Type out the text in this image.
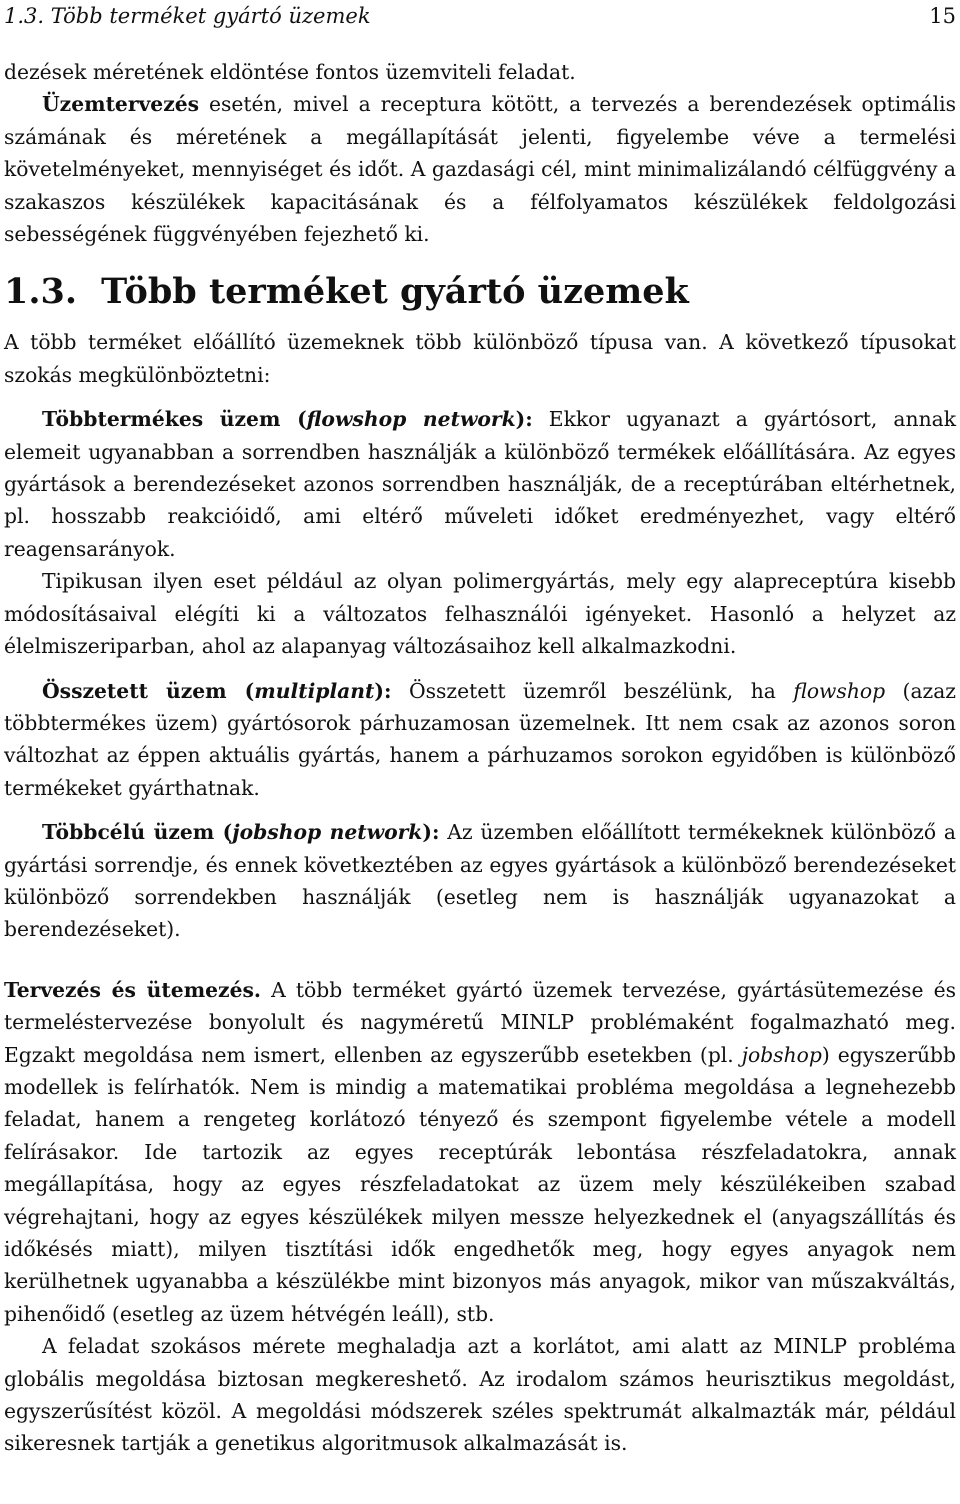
1.3. Több terméket gyártó üzemek	15

dezések méretének eldöntése fontos üzemviteli feladat.

Üzemtervezés esetén, mivel a receptura kötött, a tervezés a berendezések optimális számának és méretének a megállapítását jelenti, figyelembe véve a termelési követelményeket, mennyiséget és időt. A gazdasági cél, mint minimalizálandó célfüggvény a szakaszos készülékek kapacitásának és a félfolyamatos készülékek feldolgozási sebességének függvényében fejezhető ki.

1.3. Több terméket gyártó üzemek

A több terméket előállító üzemeknek több különböző típusa van. A következő típusokat szokás megkülönböztetni:

Többtermékes üzem (flowshop network): Ekkor ugyanazt a gyártósort, annak elemeit ugyanabban a sorrendben használják a különböző termékek előállítására. Az egyes gyártások a berendezéseket azonos sorrendben használják, de a receptúrában eltérhetnek, pl. hosszabb reakcióidő, ami eltérő műveleti időket eredményezhet, vagy eltérő reagensarányok.

Tipikusan ilyen eset például az olyan polimergyártás, mely egy alapreceptúra kisebb módosításaival elégíti ki a változatos felhasználói igényeket. Hasonló a helyzet az élelmiszeriparban, ahol az alapanyag változásaihoz kell alkalmazkodni.

Összetett üzem (multiplant): Összetett üzemről beszélünk, ha flowshop (azaz többtermékes üzem) gyártósorok párhuzamosan üzemelnek. Itt nem csak az azonos soron változhat az éppen aktuális gyártás, hanem a párhuzamos sorokon egyidőben is különböző termékeket gyárthatnak.

Többcélú üzem (jobshop network): Az üzemben előállított termékeknek különböző a gyártási sorrendje, és ennek következtében az egyes gyártások a különböző berendezéseket különböző sorrendekben használják (esetleg nem is használják ugyanazokat a berendezéseket).

Tervezés és ütemezés. A több terméket gyártó üzemek tervezése, gyártásütemezése és termeléstervezése bonyolult és nagyméretű MINLP problémaként fogalmazható meg. Egzakt megoldása nem ismert, ellenben az egyszerűbb esetekben (pl. jobshop) egyszerűbb modellek is felírhatók. Nem is mindig a matematikai probléma megoldása a legnehezebb feladat, hanem a rengeteg korlátozó tényező és szempont figyelembe vétele a modell felírásakor. Ide tartozik az egyes receptúrák lebontása részfeladatokra, annak megállapítása, hogy az egyes részfeladatokat az üzem mely készülékeiben szabad végrehajtani, hogy az egyes készülékek milyen messze helyezkednek el (anyagszállítás és időkésés miatt), milyen tisztítási idők engedhetők meg, hogy egyes anyagok nem kerülhetnek ugyanabba a készülékbe mint bizonyos más anyagok, mikor van műszakváltás, pihenőidő (esetleg az üzem hétvégén leáll), stb.

A feladat szokásos mérete meghaladja azt a korlátot, ami alatt az MINLP probléma globális megoldása biztosan megkereshető. Az irodalom számos heurisztikus megoldást, egyszerűsítést közöl. A megoldási módszerek széles spektrumát alkalmazták már, például sikeresnek tartják a genetikus algoritmusok alkalmazását is.
